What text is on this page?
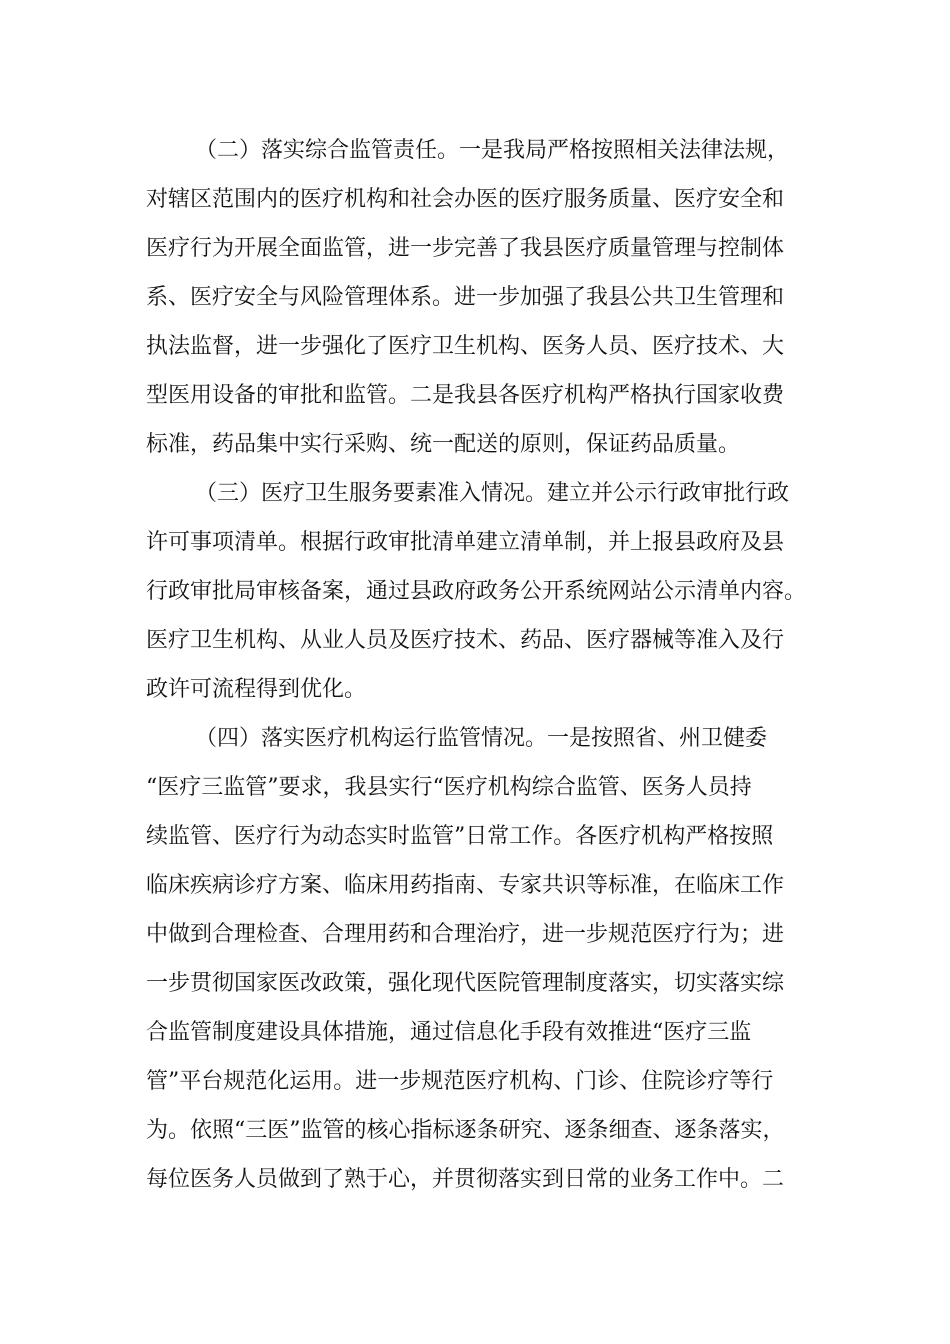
（二）落实综合监管责任。一是我局严格按照相关法律法规，
对辖区范围内的医疗机构和社会办医的医疗服务质量、医疗安全和
医疗行为开展全面监管，进一步完善了我县医疗质量管理与控制体
系、医疗安全与风险管理体系。进一步加强了我县公共卫生管理和
执法监督，进一步强化了医疗卫生机构、医务人员、医疗技术、大
型医用设备的审批和监管。二是我县各医疗机构严格执行国家收费
标准，药品集中实行采购、统一配送的原则，保证药品质量。
（三）医疗卫生服务要素准入情况。建立并公示行政审批行政
许可事项清单。根据行政审批清单建立清单制，并上报县政府及县
行政审批局审核备案，通过县政府政务公开系统网站公示清单内容。
医疗卫生机构、从业人员及医疗技术、药品、医疗器械等准入及行
政许可流程得到优化。
（四）落实医疗机构运行监管情况。一是按照省、州卫健委
“医疗三监管”要求，我县实行“医疗机构综合监管、医务人员持
续监管、医疗行为动态实时监管”日常工作。各医疗机构严格按照
临床疾病诊疗方案、临床用药指南、专家共识等标准，在临床工作
中做到合理检查、合理用药和合理治疗，进一步规范医疗行为；进
一步贯彻国家医改政策，强化现代医院管理制度落实，切实落实综
合监管制度建设具体措施，通过信息化手段有效推进“医疗三监
管”平台规范化运用。进一步规范医疗机构、门诊、住院诊疗等行
为。依照“三医”监管的核心指标逐条研究、逐条细查、逐条落实，
每位医务人员做到了熟于心，并贯彻落实到日常的业务工作中。二
